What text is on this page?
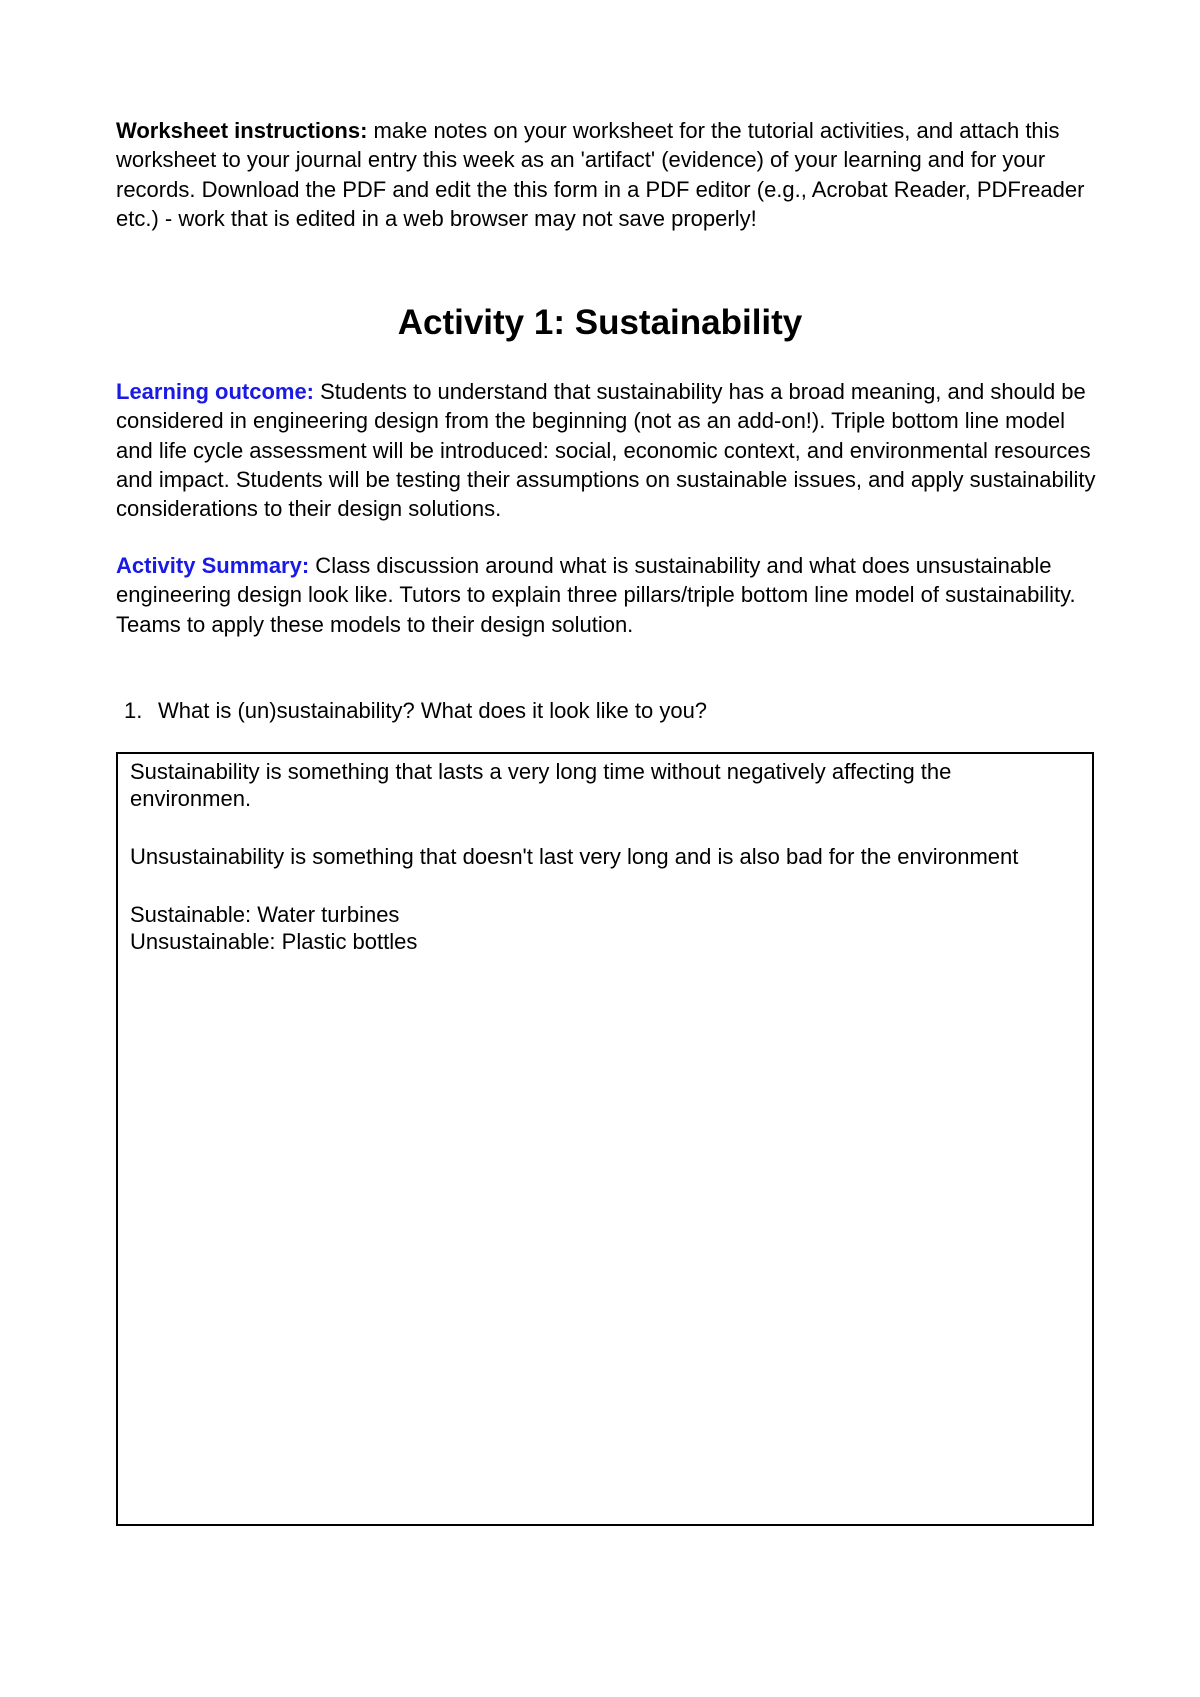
Worksheet instructions: make notes on your worksheet for the tutorial activities, and attach this worksheet to your journal entry this week as an 'artifact' (evidence) of your learning and for your records. Download the PDF and edit the this form in a PDF editor (e.g., Acrobat Reader, PDFreader etc.) - work that is edited in a web browser may not save properly!

Activity 1: Sustainability

Learning outcome: Students to understand that sustainability has a broad meaning, and should be considered in engineering design from the beginning (not as an add-on!). Triple bottom line model and life cycle assessment will be introduced: social, economic context, and environmental resources and impact. Students will be testing their assumptions on sustainable issues, and apply sustainability considerations to their design solutions.

Activity Summary: Class discussion around what is sustainability and what does unsustainable engineering design look like. Tutors to explain three pillars/triple bottom line model of sustainability. Teams to apply these models to their design solution.

1. What is (un)sustainability? What does it look like to you?

Sustainability is something that lasts a very long time without negatively affecting the environmen.

Unsustainability is something that doesn't last very long and is also bad for the environment

Sustainable: Water turbines

Unsustainable: Plastic bottles
